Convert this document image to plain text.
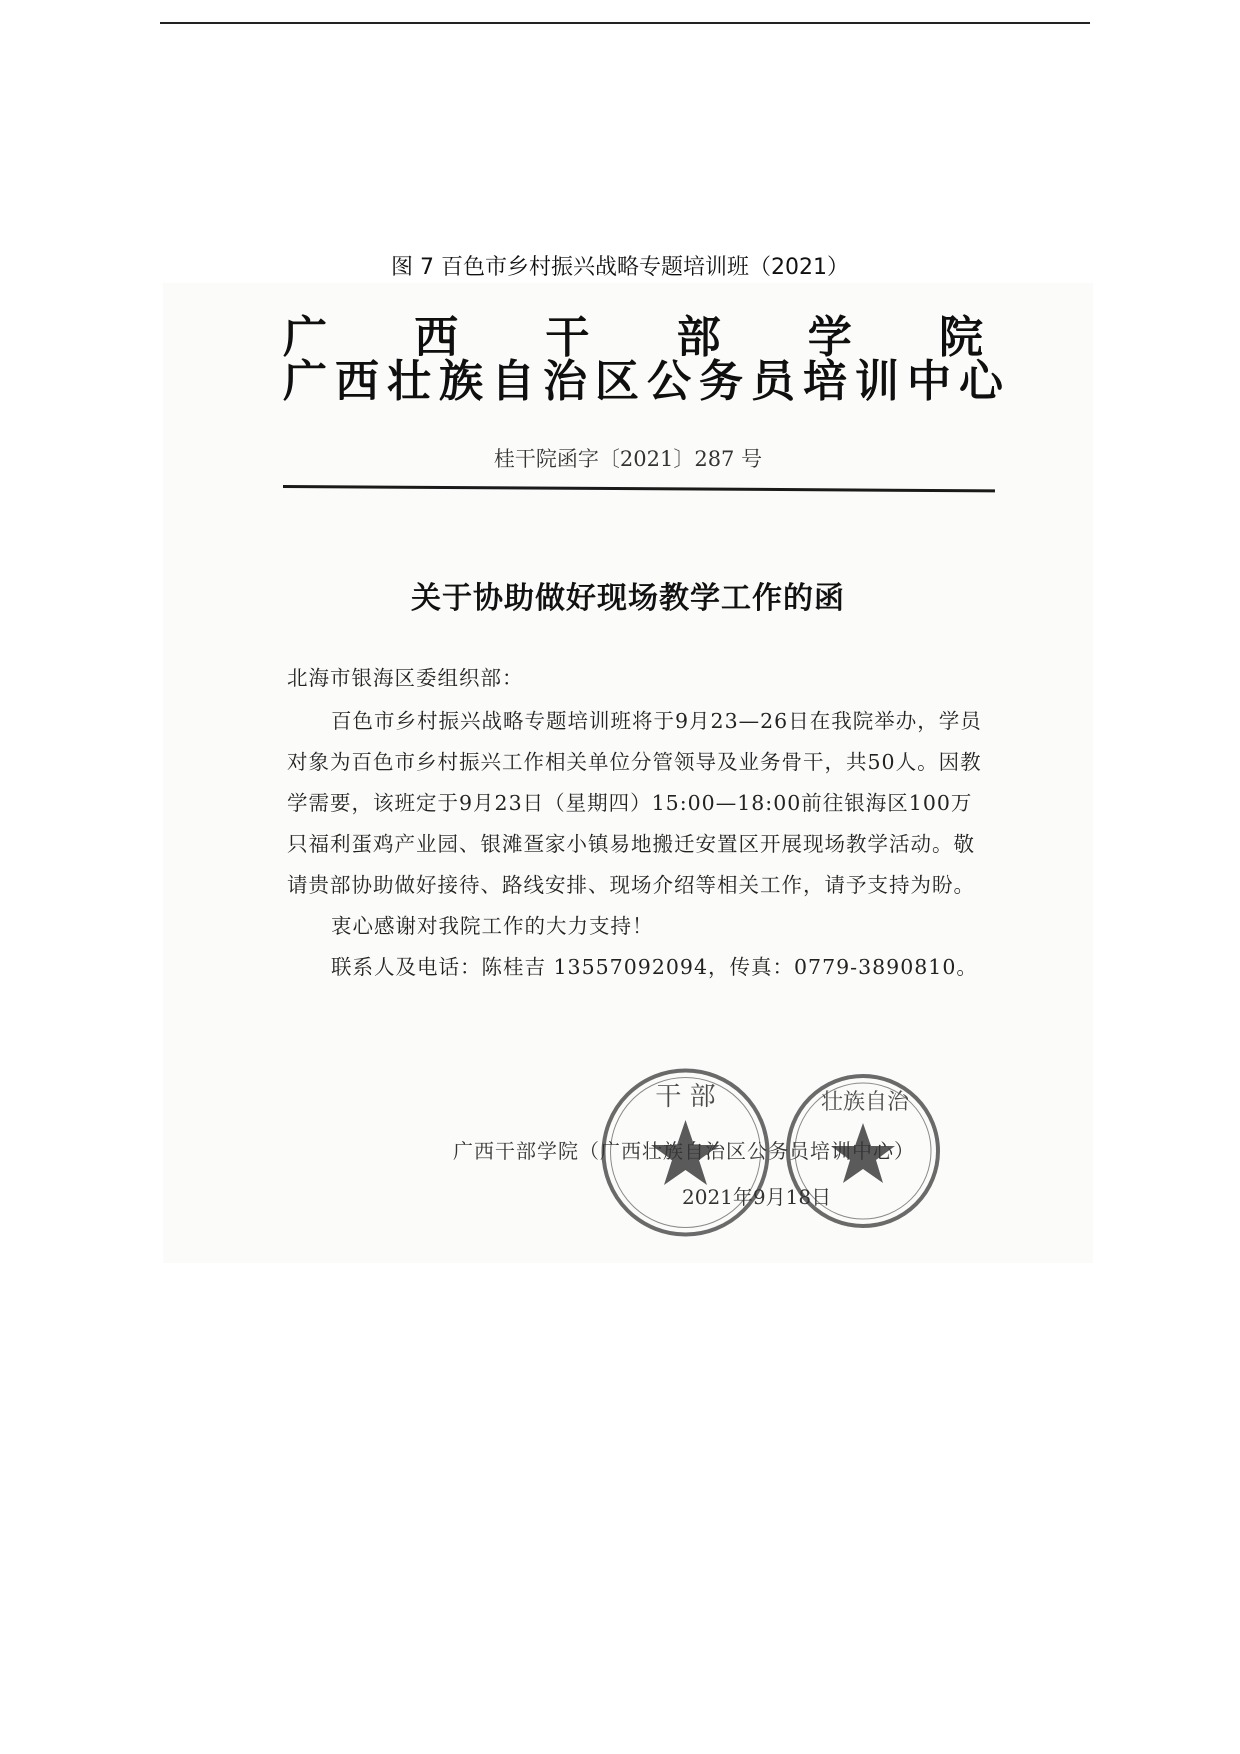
图 7 百色市乡村振兴战略专题培训班（2021）
广 西 干 部 学 院
广西壮族自治区公务员培训中心
桂干院函字〔2021〕287 号
关于协助做好现场教学工作的函
北海市银海区委组织部：

百色市乡村振兴战略专题培训班将于9月23—26日在我院举办，学员对象为百色市乡村振兴工作相关单位分管领导及业务骨干，共50人。因教学需要，该班定于9月23日（星期四）15:00—18:00前往银海区100万只福利蛋鸡产业园、银滩疍家小镇易地搬迁安置区开展现场教学活动。敬请贵部协助做好接待、路线安排、现场介绍等相关工作，请予支持为盼。

衷心感谢对我院工作的大力支持！

联系人及电话：陈桂吉 13557092094，传真：0779-3890810。

干 部	壮族自治
广西干部学院（广西壮族自治区公务员培训中心）
2021年9月18日
